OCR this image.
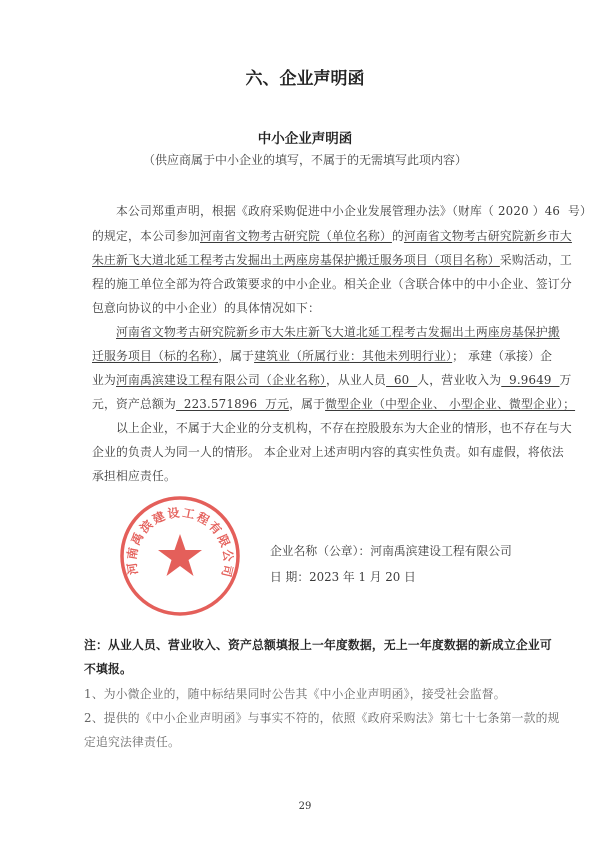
六、企业声明函
中小企业声明函
（供应商属于中小企业的填写，不属于的无需填写此项内容）
本公司郑重声明，根据《政府采购促进中小企业发展管理办法》（财库（ 2020 ）46  号）
的规定，本公司参加河南省文物考古研究院（单位名称）的河南省文物考古研究院新乡市大
朱庄新飞大道北延工程考古发掘出土两座房基保护搬迁服务项目（项目名称）采购活动，工
程的施工单位全部为符合政策要求的中小企业。相关企业（含联合体中的中小企业、签订分
包意向协议的中小企业）的具体情况如下：
河南省文物考古研究院新乡市大朱庄新飞大道北延工程考古发掘出土两座房基保护搬
迁服务项目（标的名称），属于建筑业（所属行业：其他未列明行业）； 承建（承接）企
业为河南禹滨建设工程有限公司（企业名称），从业人员  60  人，营业收入为  9.9649  万
元，资产总额为  223.571896  万元，属于微型企业（中型企业、 小型企业、微型企业）；
以上企业，不属于大企业的分支机构，不存在控股股东为大企业的情形，也不存在与大
企业的负责人为同一人的情形。 本企业对上述声明内容的真实性负责。如有虚假，将依法
承担相应责任。
河南禹滨建设工程有限公司
企业名称（公章）：河南禹滨建设工程有限公司
日 期：2023 年 1 月 20 日
注：从业人员、营业收入、资产总额填报上一年度数据，无上一年度数据的新成立企业可
不填报。
1、为小微企业的，随中标结果同时公告其《中小企业声明函》，接受社会监督。
2、提供的《中小企业声明函》与事实不符的，依照《政府采购法》第七十七条第一款的规
定追究法律责任。
29
